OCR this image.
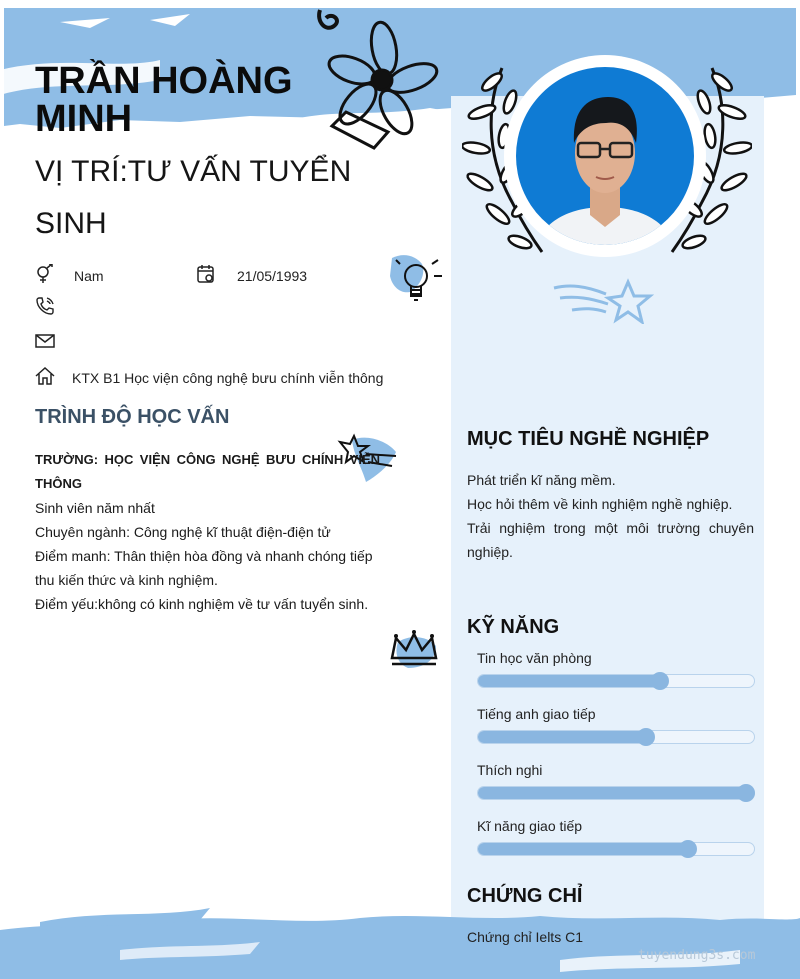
TRẦN HOÀNG
MINH
VỊ TRÍ:TƯ VẤN TUYỂN
SINH
Nam	21/05/1993
KTX B1 Học viện công nghệ bưu chính viễn thông
TRÌNH ĐỘ HỌC VẤN
TRƯỜNG: HỌC VIỆN CÔNG NGHỆ BƯU CHÍNH VIỄN THÔNG
Sinh viên năm nhất
Chuyên ngành: Công nghệ kĩ thuật điện-điện tử
Điểm manh: Thân thiện hòa đồng và nhanh chóng tiếp thu kiến thức và kinh nghiệm.
Điểm yếu:không có kinh nghiệm về tư vấn tuyển sinh.
MỤC TIÊU NGHỀ NGHIỆP
Phát triển kĩ năng mềm.
Học hỏi thêm về kinh nghiệm nghề nghiệp.
Trải nghiệm trong một môi trường chuyên nghiệp.
KỸ NĂNG
Tin học văn phòng
Tiếng anh giao tiếp
Thích nghi
Kĩ năng giao tiếp
CHỨNG CHỈ
Chứng chỉ Ielts C1
tuyendung3s.com
